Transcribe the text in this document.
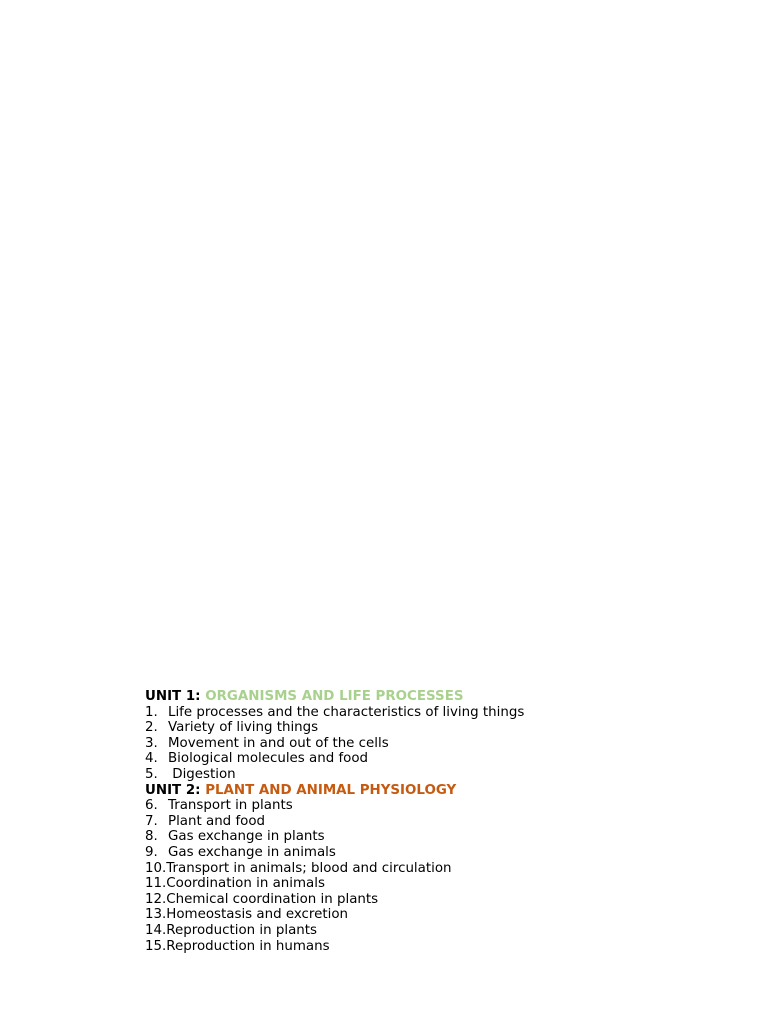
UNIT 1: ORGANISMS AND LIFE PROCESSES
1. Life processes and the characteristics of living things
2. Variety of living things
3. Movement in and out of the cells
4. Biological molecules and food
5. Digestion
UNIT 2: PLANT AND ANIMAL PHYSIOLOGY
6. Transport in plants
7. Plant and food
8. Gas exchange in plants
9. Gas exchange in animals
10. Transport in animals; blood and circulation
11. Coordination in animals
12. Chemical coordination in plants
13. Homeostasis and excretion
14. Reproduction in plants
15. Reproduction in humans
